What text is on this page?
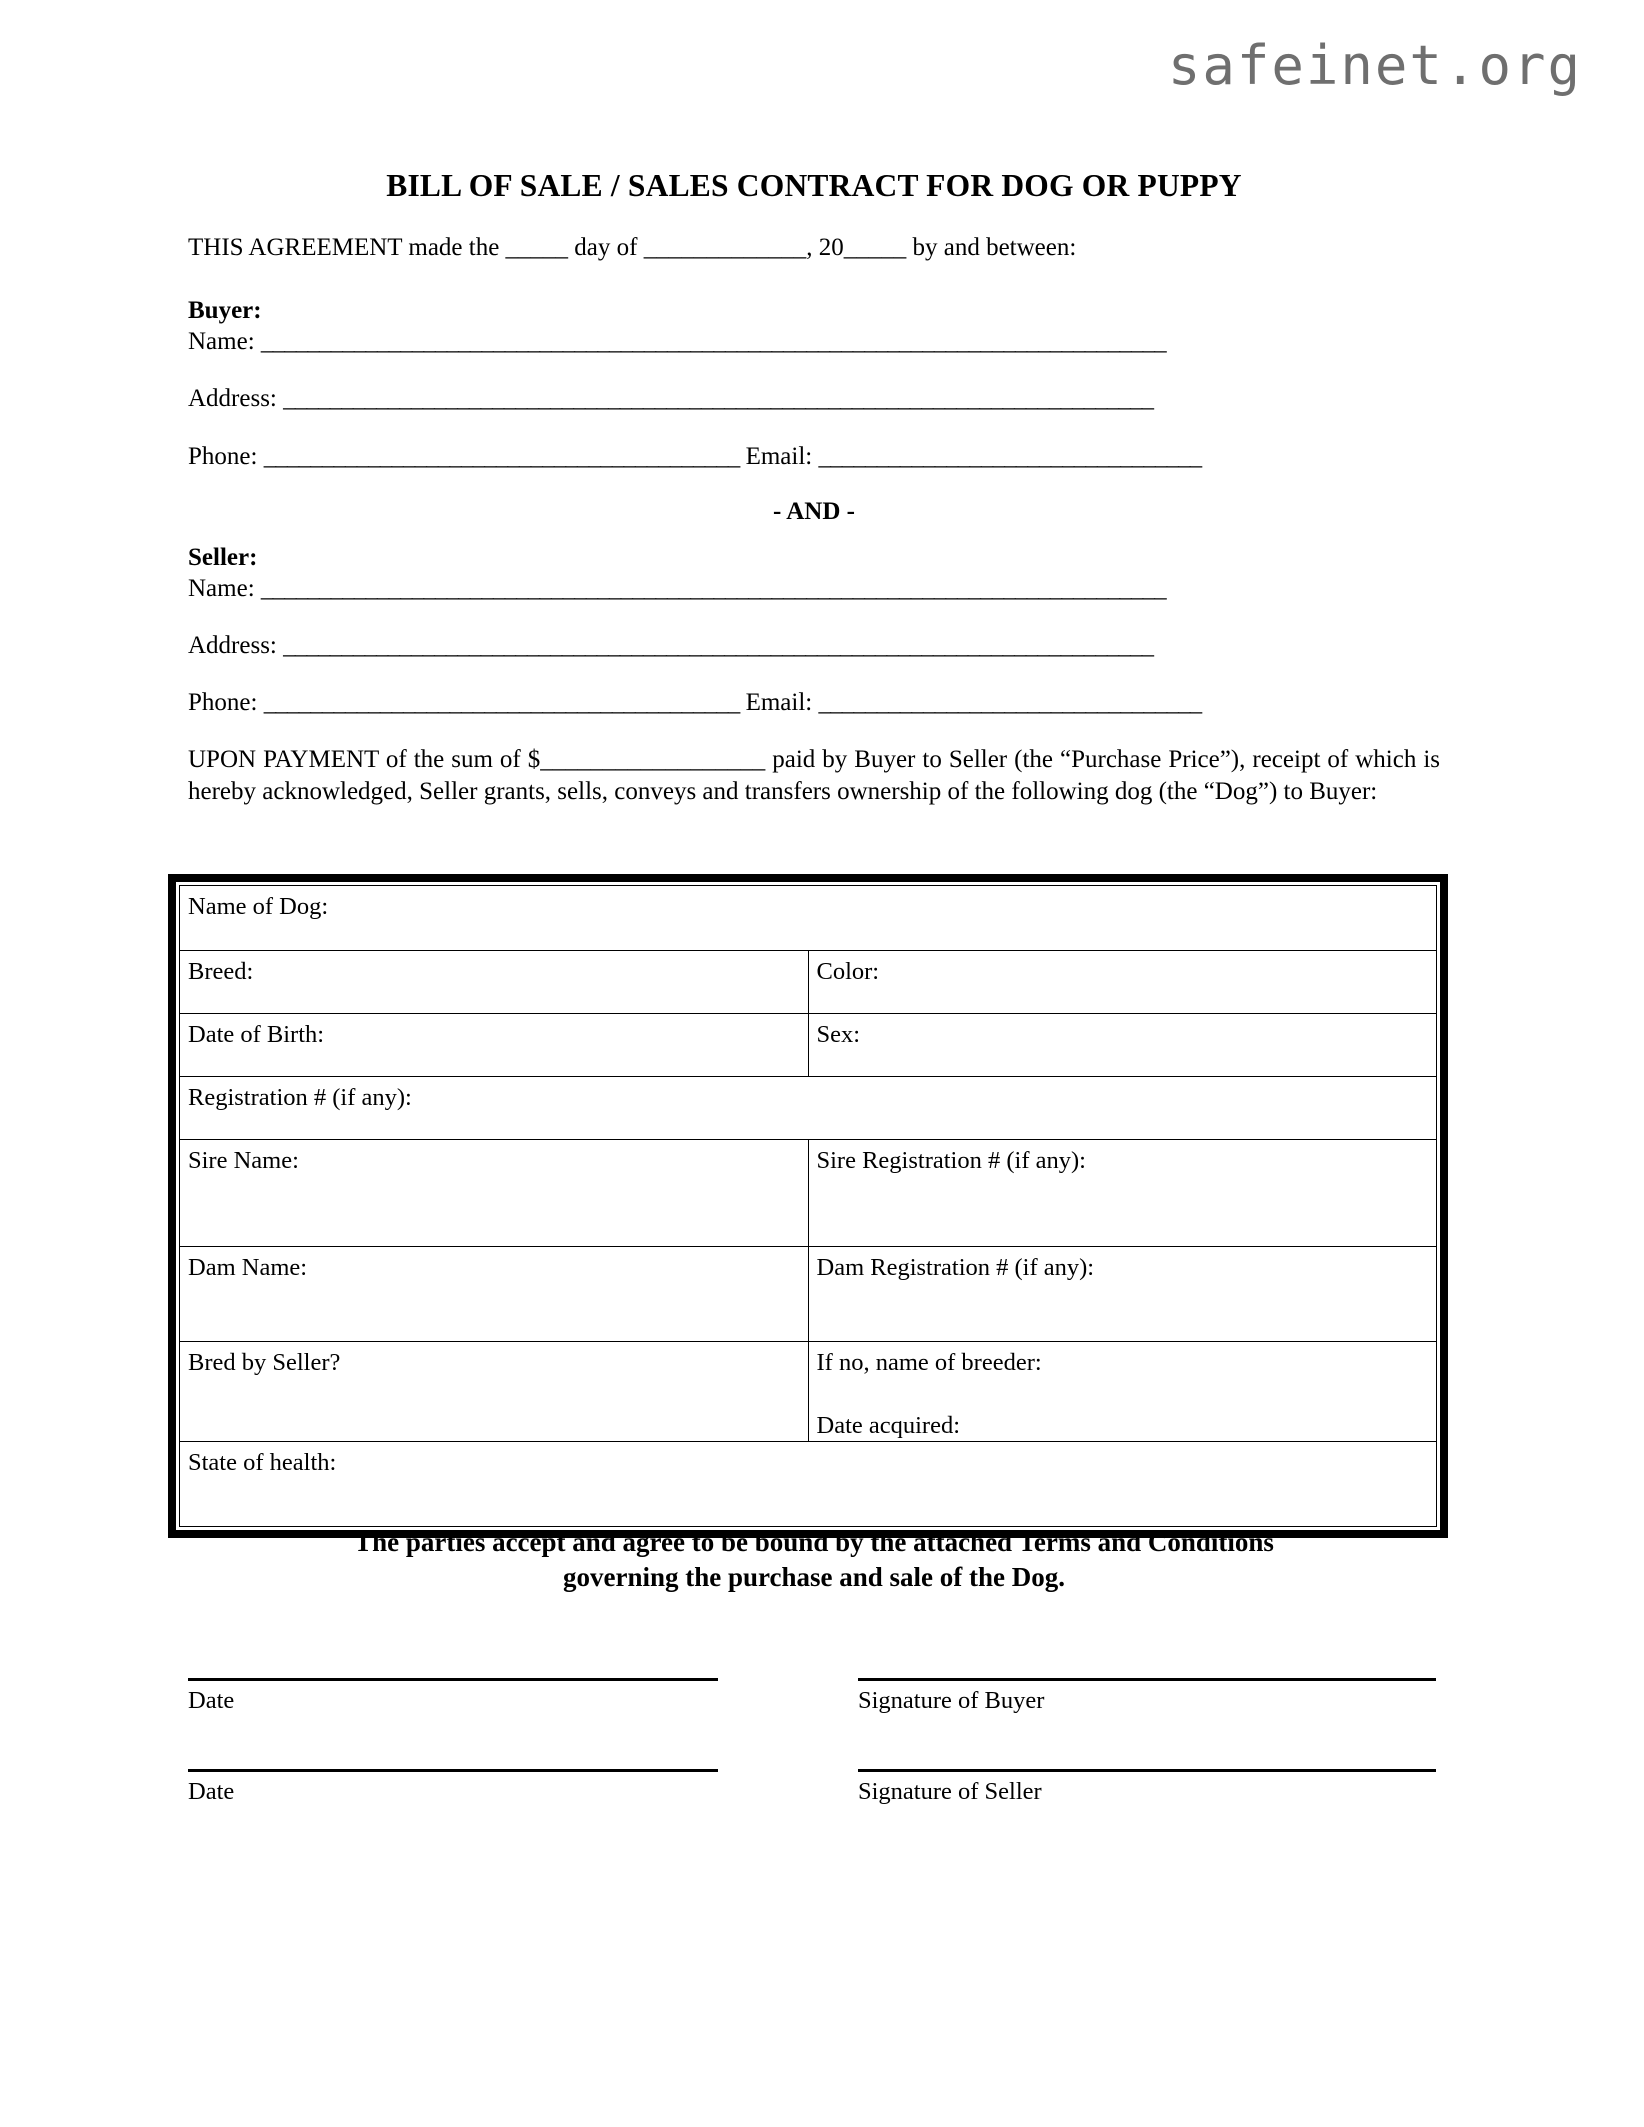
safeinet.org
BILL OF SALE / SALES CONTRACT FOR DOG OR PUPPY

THIS AGREEMENT made the _____ day of _____________, 20_____ by and between:

Buyer:
Name: ______________________________________________________________________________
Address: ___________________________________________________________________________
Phone: _________________________________________ Email: _________________________________
- AND -
Seller:
Name: ______________________________________________________________________________
Address: ___________________________________________________________________________
Phone: _________________________________________ Email: _________________________________

UPON PAYMENT of the sum of $__________________ paid by Buyer to Seller (the “Purchase Price”), receipt of which is hereby acknowledged, Seller grants, sells, conveys and transfers ownership of the following dog (the “Dog”) to Buyer:

Name of Dog:	
Breed:	Color:
Date of Birth:	Sex:
Registration # (if any):	
Sire Name:	Sire Registration # (if any):
Dam Name:	Dam Registration # (if any):
Bred by Seller?	If no, name of breeder:
Date acquired:

State of health:	
The parties accept and agree to be bound by the attached Terms and Conditions
governing the purchase and sale of the Dog.
Date	Signature of Buyer
Date	Signature of Seller
